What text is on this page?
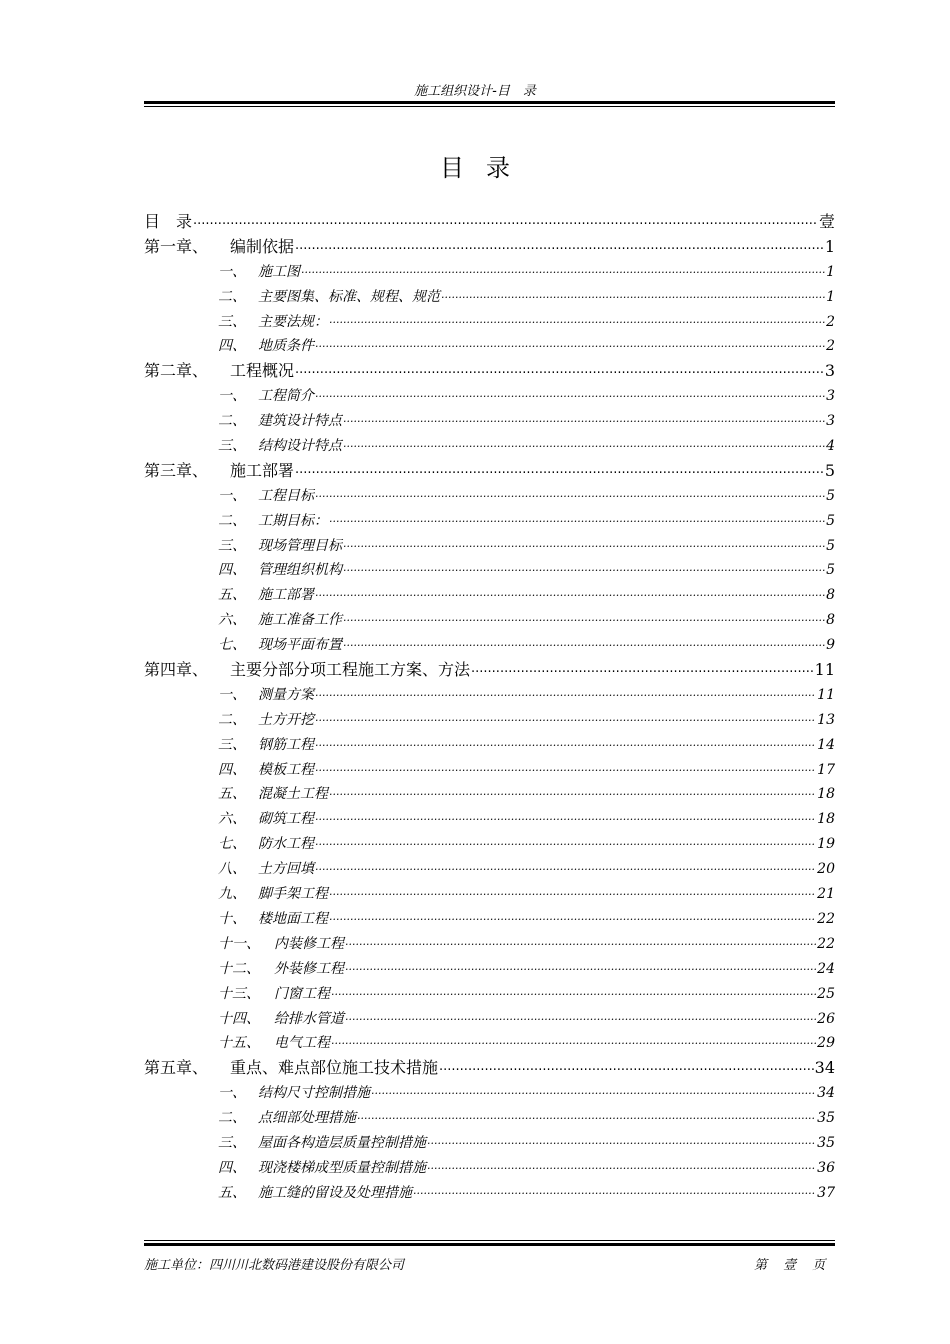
施工组织设计-目　录
目录
目　录 .....	壹
第一章、	编制依据 .....	1
一、 施工图 .....	1
二、 主要图集、标准、规程、规范 .....	1
三、 主要法规： .....	2
四、 地质条件 .....	2
第二章、	工程概况 .....	3
一、 工程简介 .....	3
二、 建筑设计特点 .....	3
三、 结构设计特点 .....	4
第三章、	施工部署 .....	5
一、 工程目标 .....	5
二、 工期目标： .....	5
三、 现场管理目标 .....	5
四、 管理组织机构 .....	5
五、 施工部署 .....	8
六、 施工准备工作 .....	8
七、 现场平面布置 .....	9
第四章、	主要分部分项工程施工方案、方法 .....	11
一、 测量方案 .....	11
二、 土方开挖 .....	13
三、 钢筋工程 .....	14
四、 模板工程 .....	17
五、 混凝土工程 .....	18
六、 砌筑工程 .....	18
七、 防水工程 .....	19
八、 土方回填 .....	20
九、 脚手架工程 .....	21
十、 楼地面工程 .....	22
十一、	内装修工程 .....	22
十二、	外装修工程 .....	24
十三、	门窗工程 .....	25
十四、	给排水管道 .....	26
十五、	电气工程 .....	29
第五章、	重点、难点部位施工技术措施 .....	34
一、 结构尺寸控制措施 .....	34
二、 点细部处理措施 .....	35
三、 屋面各构造层质量控制措施 .....	35
四、 现浇楼梯成型质量控制措施 .....	36
五、 施工缝的留设及处理措施 .....	37
施工单位：四川川北数码港建设股份有限公司	第 壹 页
